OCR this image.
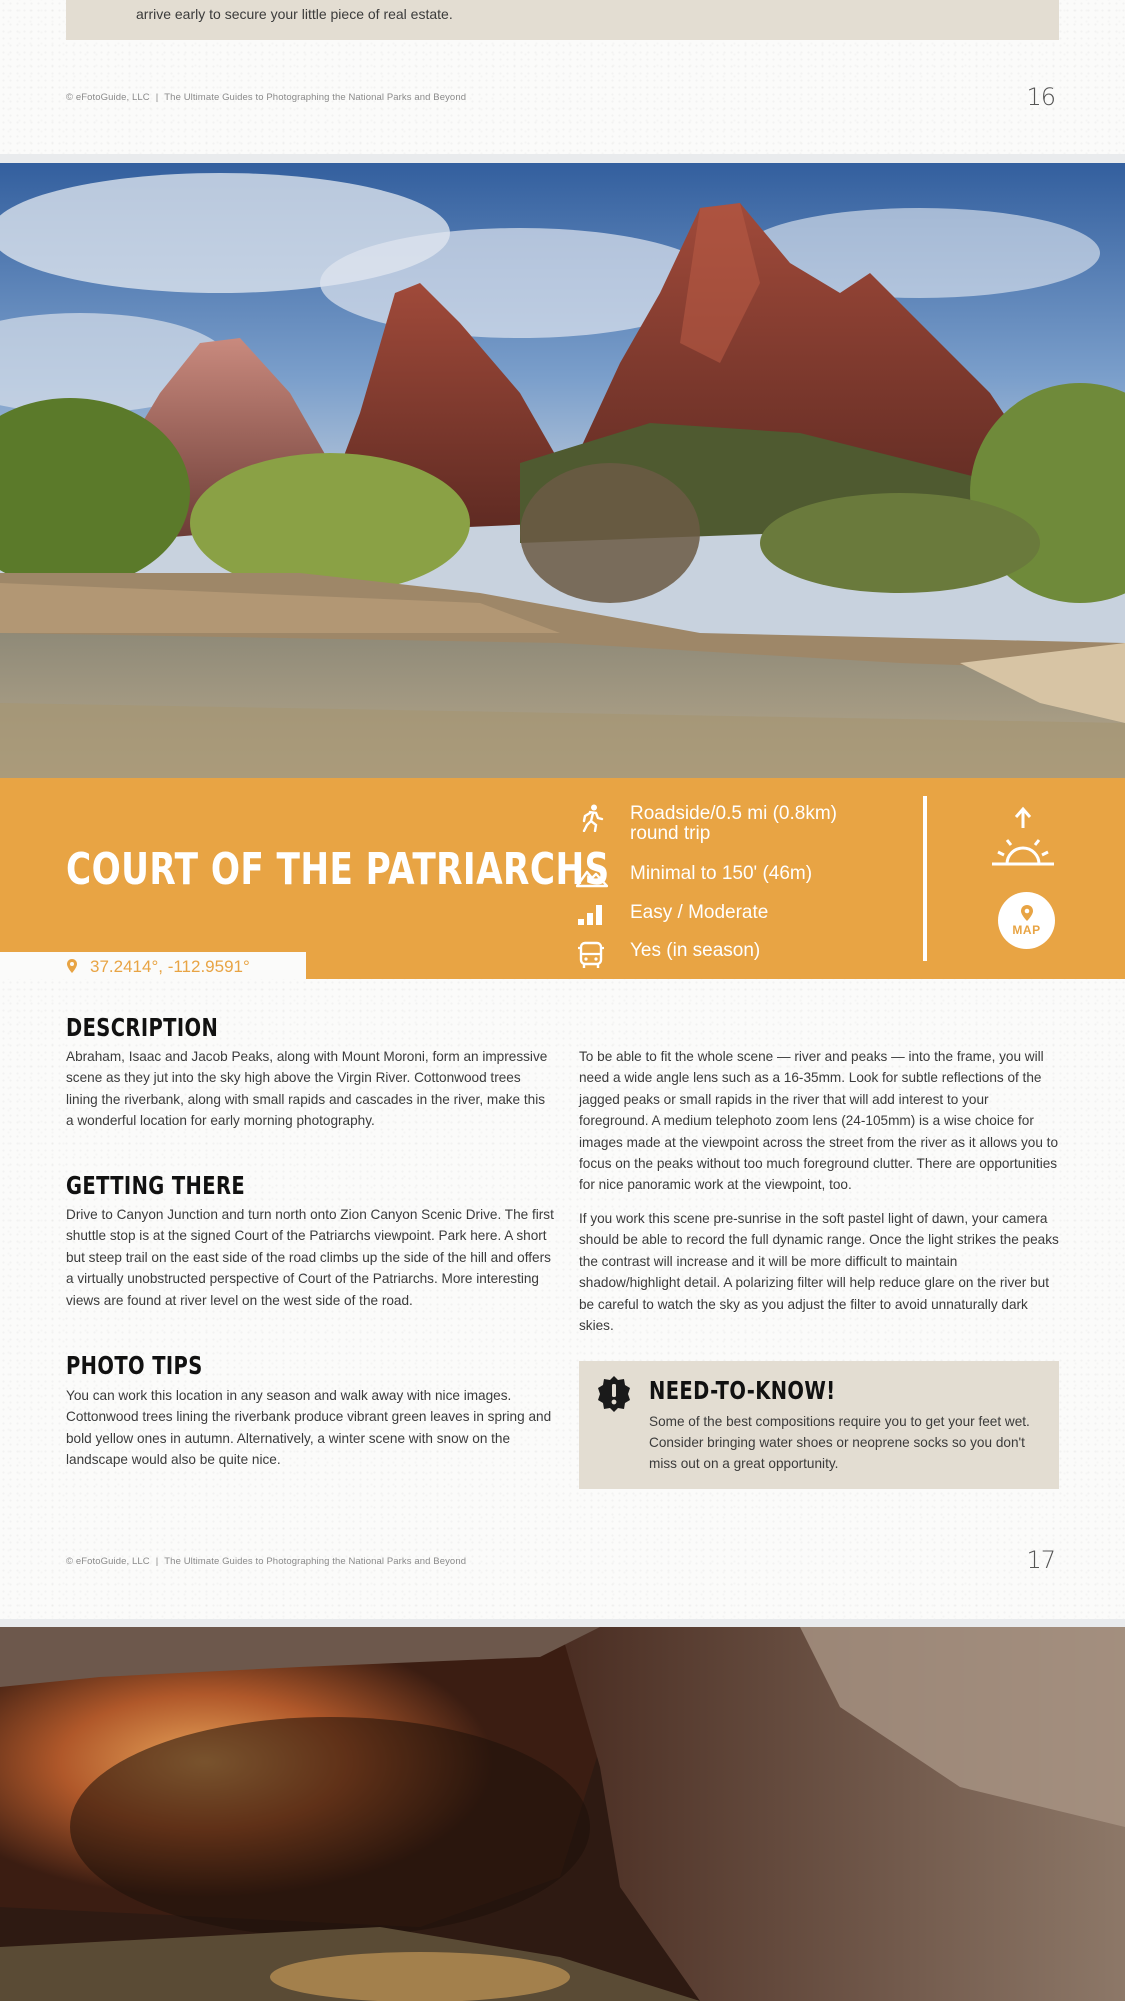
arrive early to secure your little piece of real estate.

© eFotoGuide, LLC | The Ultimate Guides to Photographing the National Parks and Beyond	16
COURT OF THE PATRIARCHS
Roadside/0.5 mi (0.8km)
round trip
Minimal to 150' (46m)
Easy / Moderate
Yes (in season)
MAP
37.2414°, -112.9591°
DESCRIPTION

Abraham, Isaac and Jacob Peaks, along with Mount Moroni, form an impressive scene as they jut into the sky high above the Virgin River. Cottonwood trees lining the riverbank, along with small rapids and cascades in the river, make this a wonderful location for early morning photography.

GETTING THERE

Drive to Canyon Junction and turn north onto Zion Canyon Scenic Drive. The first shuttle stop is at the signed Court of the Patriarchs viewpoint. Park here. A short but steep trail on the east side of the road climbs up the side of the hill and offers a virtually unobstructed perspective of Court of the Patriarchs. More interesting views are found at river level on the west side of the road.

PHOTO TIPS

You can work this location in any season and walk away with nice images. Cottonwood trees lining the riverbank produce vibrant green leaves in spring and bold yellow ones in autumn. Alternatively, a winter scene with snow on the landscape would also be quite nice.

To be able to fit the whole scene — river and peaks — into the frame, you will need a wide angle lens such as a 16-35mm. Look for subtle reflections of the jagged peaks or small rapids in the river that will add interest to your foreground. A medium telephoto zoom lens (24-105mm) is a wise choice for images made at the viewpoint across the street from the river as it allows you to focus on the peaks without too much foreground clutter. There are opportunities for nice panoramic work at the viewpoint, too.

If you work this scene pre-sunrise in the soft pastel light of dawn, your camera should be able to record the full dynamic range. Once the light strikes the peaks the contrast will increase and it will be more difficult to maintain shadow/highlight detail. A polarizing filter will help reduce glare on the river but be careful to watch the sky as you adjust the filter to avoid unnaturally dark skies.

NEED-TO-KNOW!

Some of the best compositions require you to get your feet wet. Consider bringing water shoes or neoprene socks so you don't miss out on a great opportunity.

© eFotoGuide, LLC | The Ultimate Guides to Photographing the National Parks and Beyond	17
